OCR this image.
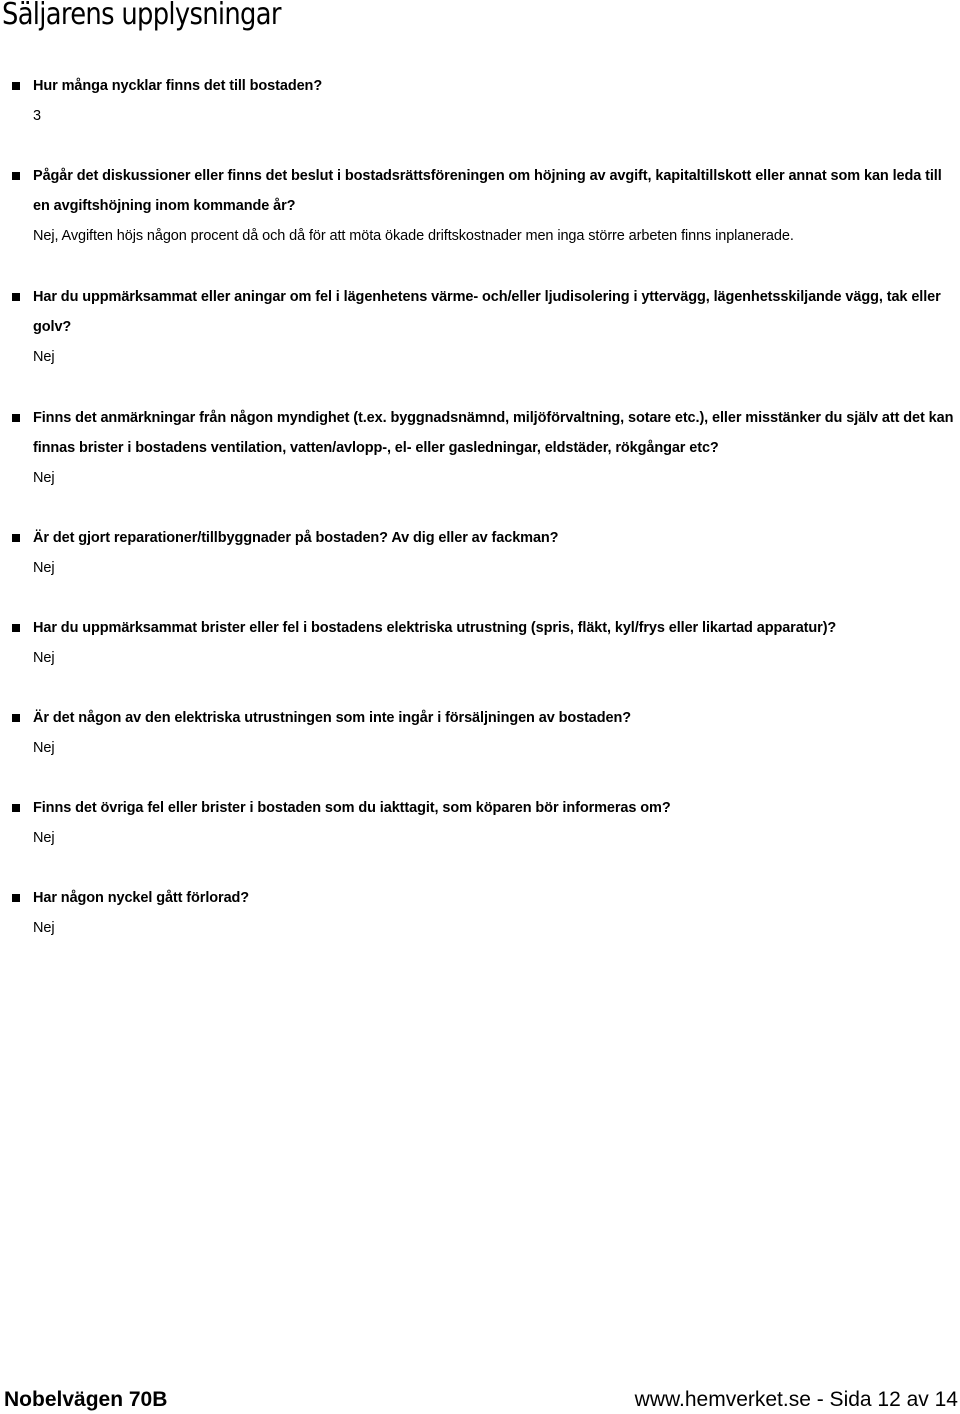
Säljarens upplysningar
Hur många nycklar finns det till bostaden?
3
Pågår det diskussioner eller finns det beslut i bostadsrättsföreningen om höjning av avgift, kapitaltillskott eller annat som kan leda till en avgiftshöjning inom kommande år?
Nej, Avgiften höjs någon procent då och då för att möta ökade driftskostnader men inga större arbeten finns inplanerade.
Har du uppmärksammat eller aningar om fel i lägenhetens värme- och/eller ljudisolering i yttervägg, lägenhetsskiljande vägg, tak eller golv?
Nej
Finns det anmärkningar från någon myndighet (t.ex. byggnadsnämnd, miljöförvaltning, sotare etc.), eller misstänker du själv att det kan finnas brister i bostadens ventilation, vatten/avlopp-, el- eller gasledningar, eldstäder, rökgångar etc?
Nej
Är det gjort reparationer/tillbyggnader på bostaden? Av dig eller av fackman?
Nej
Har du uppmärksammat brister eller fel i bostadens elektriska utrustning (spris, fläkt, kyl/frys eller likartad apparatur)?
Nej
Är det någon av den elektriska utrustningen som inte ingår i försäljningen av bostaden?
Nej
Finns det övriga fel eller brister i bostaden som du iakttagit, som köparen bör informeras om?
Nej
Har någon nyckel gått förlorad?
Nej
Nobelvägen 70B	www.hemverket.se - Sida 12 av 14
